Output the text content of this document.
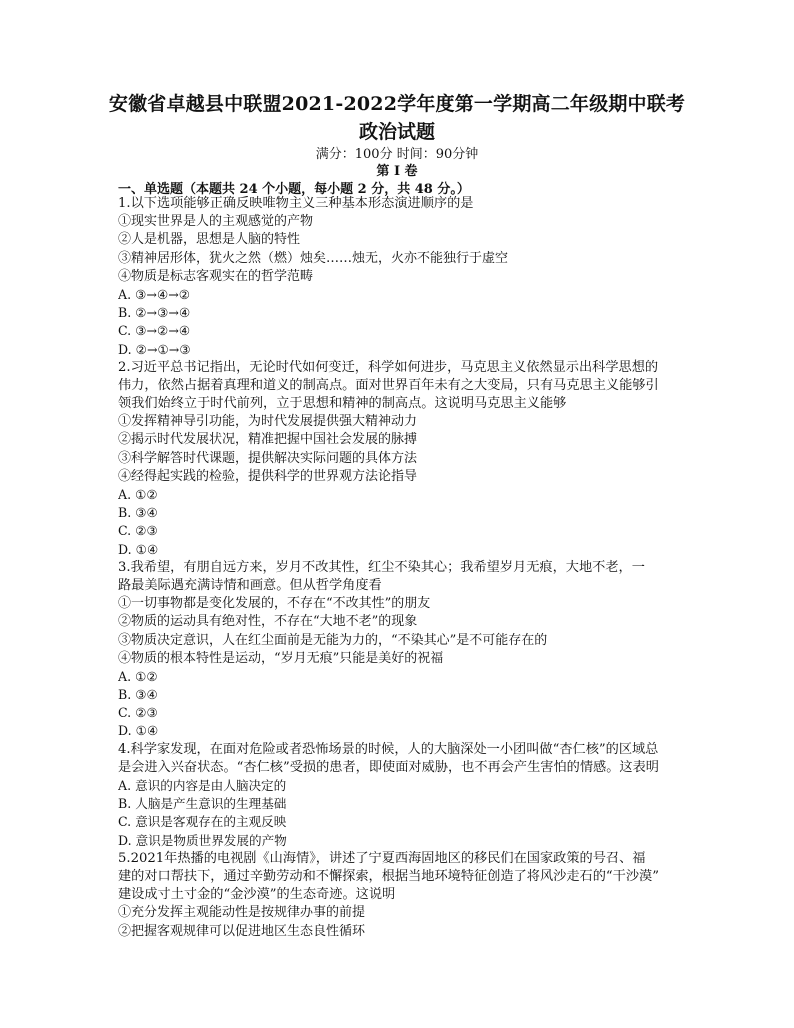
安徽省卓越县中联盟2021-2022学年度第一学期高二年级期中联考
政治试题
满分：100分 时间：90分钟
第 I 卷
一、单选题（本题共 24 个小题，每小题 2 分，共 48 分。）
1.以下选项能够正确反映唯物主义三种基本形态演进顺序的是
①现实世界是人的主观感觉的产物
②人是机器，思想是人脑的特性
③精神居形体，犹火之然（燃）烛矣……烛无，火亦不能独行于虚空
④物质是标志客观实在的哲学范畴
A. ③→④→②
B. ②→③→④
C. ③→②→④
D. ②→①→③
2.习近平总书记指出，无论时代如何变迁，科学如何进步，马克思主义依然显示出科学思想的
伟力，依然占据着真理和道义的制高点。面对世界百年未有之大变局，只有马克思主义能够引
领我们始终立于时代前列，立于思想和精神的制高点。这说明马克思主义能够
①发挥精神导引功能，为时代发展提供强大精神动力
②揭示时代发展状况，精准把握中国社会发展的脉搏
③科学解答时代课题，提供解决实际问题的具体方法
④经得起实践的检验，提供科学的世界观方法论指导
A. ①②
B. ③④
C. ②③
D. ①④
3.我希望，有朋自远方来，岁月不改其性，红尘不染其心；我希望岁月无痕，大地不老，一
路最美际遇充满诗情和画意。但从哲学角度看
①一切事物都是变化发展的，不存在“不改其性”的朋友
②物质的运动具有绝对性，不存在“大地不老”的现象
③物质决定意识，人在红尘面前是无能为力的，“不染其心”是不可能存在的
④物质的根本特性是运动，“岁月无痕”只能是美好的祝福
A. ①②
B. ③④
C. ②③
D. ①④
4.科学家发现，在面对危险或者恐怖场景的时候，人的大脑深处一小团叫做“杏仁核”的区域总
是会进入兴奋状态。“杏仁核”受损的患者，即使面对威胁，也不再会产生害怕的情感。这表明
A. 意识的内容是由人脑决定的
B. 人脑是产生意识的生理基础
C. 意识是客观存在的主观反映
D. 意识是物质世界发展的产物
5.2021年热播的电视剧《山海情》，讲述了宁夏西海固地区的移民们在国家政策的号召、福
建的对口帮扶下，通过辛勤劳动和不懈探索，根据当地环境特征创造了将风沙走石的“干沙漠”
建设成寸土寸金的“金沙漠”的生态奇迹。这说明
①充分发挥主观能动性是按规律办事的前提
②把握客观规律可以促进地区生态良性循环
